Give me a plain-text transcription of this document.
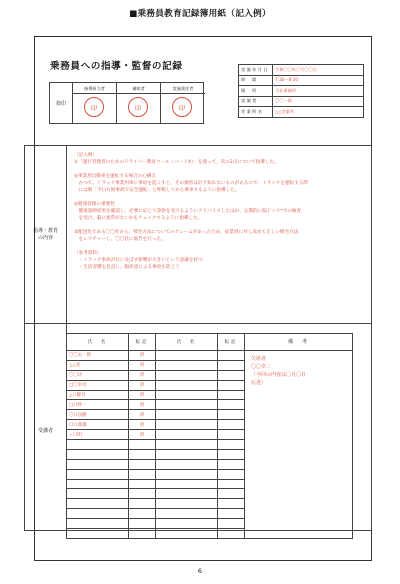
■乗務員教育記録簿用紙（記入例）
乗務員への指導・監督の記録
捺印
指導担当者
印
補助者
印
実施責任者
印
実施年月日	令和〇〇年〇月〇〇日
時　間	7:30～8:30
場　所	当社事務所
実施者	〇〇一郎
営業所名	△△営業所
指導・教育
の内容
受講者

（記入例）

①「運行管理者のためのドライバー教育ツール（パート4）」を使って、次の2点について指導した。

◎事業用自動車を運転する場合の心構え

　かつて、トラック事業用車に事故を起こすと、その損害は計り知れないものがあるので、トラックを運転する際

　には朝「今日も無事故で安全運転」と呼称してから乗車するように指導した。

◎健康管理の重要性

　健康診断結果を確認し、必要に応じて診察を受けるようにアドバイスしたほか、定期的に脳ドック*での検査

　を受け、脳に異常がないかをチェックするように指導した。

②配送先である〇〇社から、帰宅方法についてのクレームがあったため、従業員に対し改めて正しい帰宅方法

　をレクチャーし、〇〇社に報告を行った。

（参考資料）

　・トラック事故が社に及ぼす影響が大きいという意識を持つ

　・生活習慣を見直し、脳疾患による事故を防ごう

氏　名	転記	氏　名	転記	備　考
〇〇太一郎	済			欠席者
〇〇幸二
（今回の内容は〇月〇日
伝達）

△△実	済			
〇〇功	済			
□〇幸司	済			
△口健吾	済			
□口絆一	済			
〇口良樹	済			
口口義雄	済			
☆口明	済			

6
